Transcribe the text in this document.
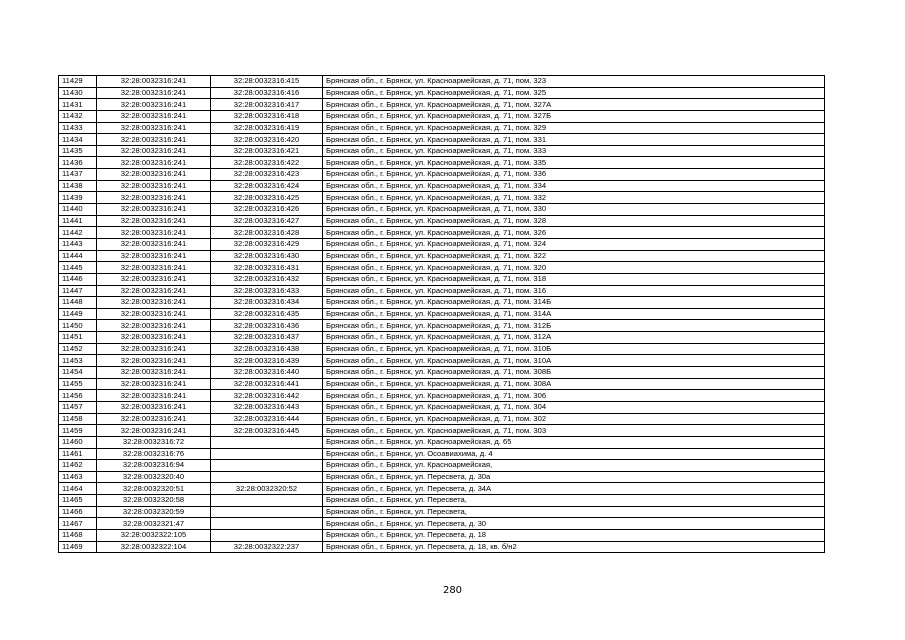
11429	32:28:0032316:241	32:28:0032316:415	Брянская обл., г. Брянск, ул. Красноармейская, д. 71, пом. 323
11430	32:28:0032316:241	32:28:0032316:416	Брянская обл., г. Брянск, ул. Красноармейская, д. 71, пом. 325
11431	32:28:0032316:241	32:28:0032316:417	Брянская обл., г. Брянск, ул. Красноармейская, д. 71, пом. 327А
11432	32:28:0032316:241	32:28:0032316:418	Брянская обл., г. Брянск, ул. Красноармейская, д. 71, пом. 327Б
11433	32:28:0032316:241	32:28:0032316:419	Брянская обл., г. Брянск, ул. Красноармейская, д. 71, пом. 329
11434	32:28:0032316:241	32:28:0032316:420	Брянская обл., г. Брянск, ул. Красноармейская, д. 71, пом. 331
11435	32:28:0032316:241	32:28:0032316:421	Брянская обл., г. Брянск, ул. Красноармейская, д. 71, пом. 333
11436	32:28:0032316:241	32:28:0032316:422	Брянская обл., г. Брянск, ул. Красноармейская, д. 71, пом. 335
11437	32:28:0032316:241	32:28:0032316:423	Брянская обл., г. Брянск, ул. Красноармейская, д. 71, пом. 336
11438	32:28:0032316:241	32:28:0032316:424	Брянская обл., г. Брянск, ул. Красноармейская, д. 71, пом. 334
11439	32:28:0032316:241	32:28:0032316:425	Брянская обл., г. Брянск, ул. Красноармейская, д. 71, пом. 332
11440	32:28:0032316:241	32:28:0032316:426	Брянская обл., г. Брянск, ул. Красноармейская, д. 71, пом. 330
11441	32:28:0032316:241	32:28:0032316:427	Брянская обл., г. Брянск, ул. Красноармейская, д. 71, пом. 328
11442	32:28:0032316:241	32:28:0032316:428	Брянская обл., г. Брянск, ул. Красноармейская, д. 71, пом. 326
11443	32:28:0032316:241	32:28:0032316:429	Брянская обл., г. Брянск, ул. Красноармейская, д. 71, пом. 324
11444	32:28:0032316:241	32:28:0032316:430	Брянская обл., г. Брянск, ул. Красноармейская, д. 71, пом. 322
11445	32:28:0032316:241	32:28:0032316:431	Брянская обл., г. Брянск, ул. Красноармейская, д. 71, пом. 320
11446	32:28:0032316:241	32:28:0032316:432	Брянская обл., г. Брянск, ул. Красноармейская, д. 71, пом. 318
11447	32:28:0032316:241	32:28:0032316:433	Брянская обл., г. Брянск, ул. Красноармейская, д. 71, пом. 316
11448	32:28:0032316:241	32:28:0032316:434	Брянская обл., г. Брянск, ул. Красноармейская, д. 71, пом. 314Б
11449	32:28:0032316:241	32:28:0032316:435	Брянская обл., г. Брянск, ул. Красноармейская, д. 71, пом. 314А
11450	32:28:0032316:241	32:28:0032316:436	Брянская обл., г. Брянск, ул. Красноармейская, д. 71, пом. 312Б
11451	32:28:0032316:241	32:28:0032316:437	Брянская обл., г. Брянск, ул. Красноармейская, д. 71, пом. 312А
11452	32:28:0032316:241	32:28:0032316:438	Брянская обл., г. Брянск, ул. Красноармейская, д. 71, пом. 310Б
11453	32:28:0032316:241	32:28:0032316:439	Брянская обл., г. Брянск, ул. Красноармейская, д. 71, пом. 310А
11454	32:28:0032316:241	32:28:0032316:440	Брянская обл., г. Брянск, ул. Красноармейская, д. 71, пом. 308Б
11455	32:28:0032316:241	32:28:0032316:441	Брянская обл., г. Брянск, ул. Красноармейская, д. 71, пом. 308А
11456	32:28:0032316:241	32:28:0032316:442	Брянская обл., г. Брянск, ул. Красноармейская, д. 71, пом. 306
11457	32:28:0032316:241	32:28:0032316:443	Брянская обл., г. Брянск, ул. Красноармейская, д. 71, пом. 304
11458	32:28:0032316:241	32:28:0032316:444	Брянская обл., г. Брянск, ул. Красноармейская, д. 71, пом. 302
11459	32:28:0032316:241	32:28:0032316:445	Брянская обл., г. Брянск, ул. Красноармейская, д. 71, пом. 303
11460	32:28:0032316:72		Брянская обл., г. Брянск, ул. Красноармейская, д. 65
11461	32:28:0032316:76		Брянская обл., г. Брянск, ул. Осоавиахима, д. 4
11462	32:28:0032316:94		Брянская обл., г. Брянск, ул. Красноармейская,
11463	32:28:0032320:40		Брянская обл., г. Брянск, ул. Пересвета, д. 30а
11464	32:28:0032320:51	32:28:0032320:52	Брянская обл., г. Брянск, ул. Пересвета, д. 34А
11465	32:28:0032320:58		Брянская обл., г. Брянск, ул. Пересвета,
11466	32:28:0032320:59		Брянская обл., г. Брянск, ул. Пересвета,
11467	32:28:0032321:47		Брянская обл., г. Брянск, ул. Пересвета, д. 30
11468	32:28:0032322:105		Брянская обл., г. Брянск, ул. Пересвета, д. 18
11469	32:28:0032322:104	32:28:0032322:237	Брянская обл., г. Брянск, ул. Пересвета, д. 18, кв. б/н2
280
